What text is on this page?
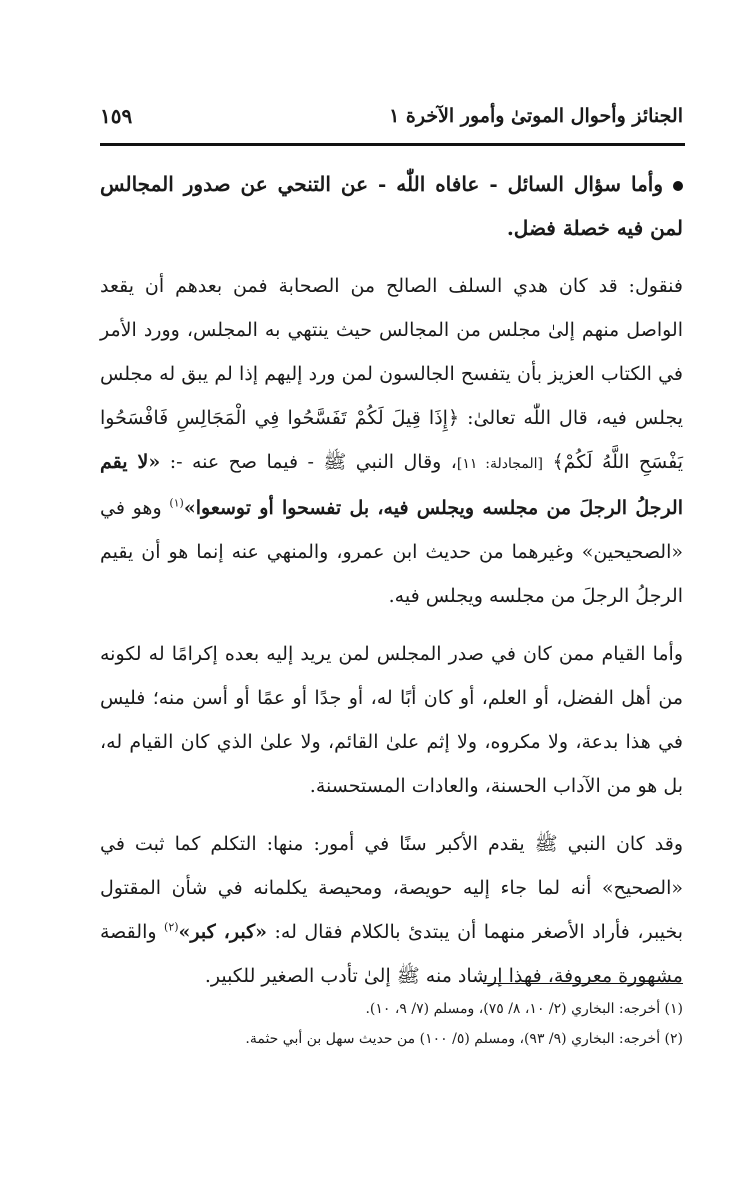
الجنائز وأحوال الموتىٰ وأمور الآخرة ١
١٥٩

وأما سؤال السائل - عافاه اللّٰه - عن التنحي عن صدور المجالس لمن فيه خصلة فضل.

فنقول: قد كان هدي السلف الصالح من الصحابة فمن بعدهم أن يقعد الواصل منهم إلىٰ مجلس من المجالس حيث ينتهي به المجلس، وورد الأمر في الكتاب العزيز بأن يتفسح الجالسون لمن ورد إليهم إذا لم يبق له مجلس يجلس فيه، قال اللّٰه تعالىٰ: ﴿إِذَا قِيلَ لَكُمْ تَفَسَّحُوا فِي الْمَجَالِسِ فَافْسَحُوا يَفْسَحِ اللَّهُ لَكُمْ﴾ [المجادلة: ١١]، وقال النبي ﷺ - فيما صح عنه -: «لا يقم الرجلُ الرجلَ من مجلسه ويجلس فيه، بل تفسحوا أو توسعوا»$^{(١)}$ وهو في «الصحيحين» وغيرهما من حديث ابن عمرو، والمنهي عنه إنما هو أن يقيم الرجلُ الرجلَ من مجلسه ويجلس فيه.

وأما القيام ممن كان في صدر المجلس لمن يريد إليه بعده إكرامًا له لكونه من أهل الفضل، أو العلم، أو كان أبًا له، أو جدًا أو عمًا أو أسن منه؛ فليس في هذا بدعة، ولا مكروه، ولا إثم علىٰ القائم، ولا علىٰ الذي كان القيام له، بل هو من الآداب الحسنة، والعادات المستحسنة.

وقد كان النبي ﷺ يقدم الأكبر سنًا في أمور: منها: التكلم كما ثبت في «الصحيح» أنه لما جاء إليه حويصة، ومحيصة يكلمانه في شأن المقتول بخيبر، فأراد الأصغر منهما أن يبتدئ بالكلام فقال له: «كبر، كبر»$^{(٢)}$ والقصة مشهورة معروفة، فهذا إرشاد منه ﷺ إلىٰ تأدب الصغير للكبير.

(١) أخرجه: البخاري (٢/ ١٠، ٨/ ٧٥)، ومسلم (٧/ ٩، ١٠).

(٢) أخرجه: البخاري (٩/ ٩٣)، ومسلم (٥/ ١٠٠) من حديث سهل بن أبي حثمة.
